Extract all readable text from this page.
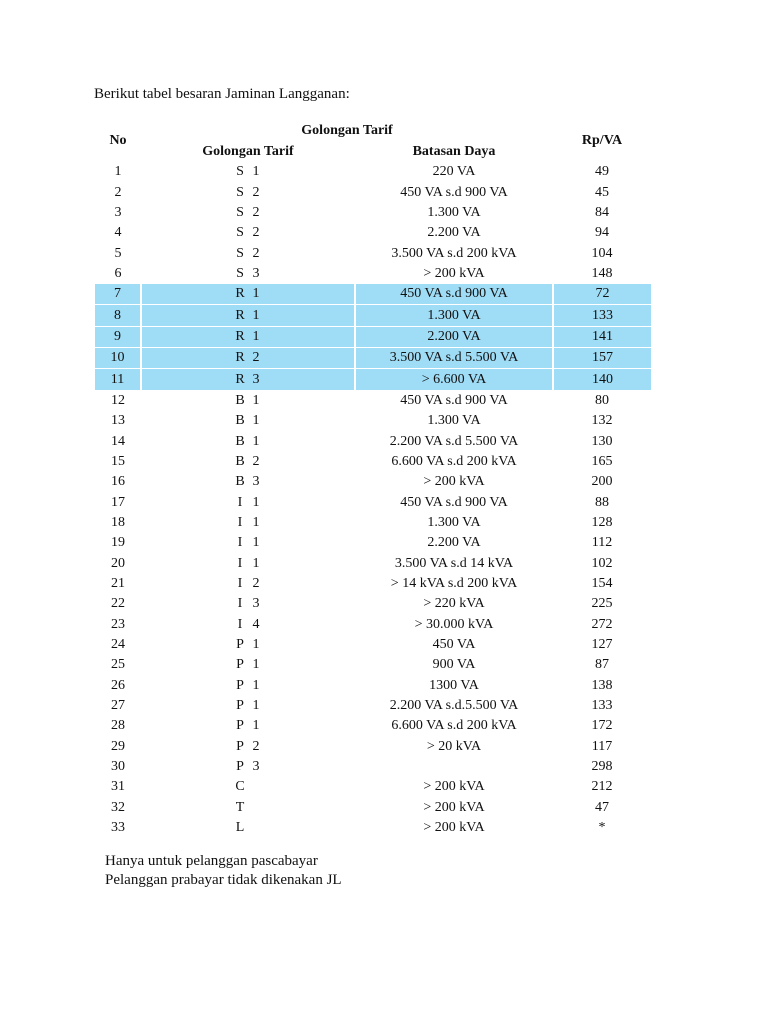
Berikut tabel besaran Jaminan Langganan:

No	Golongan Tarif		Rp/VA
	Golongan Tarif	Batasan Daya	
1	S 1	220 VA	49
2	S 2	450 VA s.d 900 VA	45
3	S 2	1.300 VA	84
4	S 2	2.200 VA	94
5	S 2	3.500 VA s.d 200 kVA	104
6	S 3	> 200 kVA	148
7	R 1	450 VA s.d 900 VA	72
8	R 1	1.300 VA	133
9	R 1	2.200 VA	141
10	R 2	3.500 VA s.d 5.500 VA	157
11	R 3	> 6.600 VA	140
12	B 1	450 VA s.d 900 VA	80
13	B 1	1.300 VA	132
14	B 1	2.200 VA s.d 5.500 VA	130
15	B 2	6.600 VA s.d 200 kVA	165
16	B 3	> 200 kVA	200
17	I 1	450 VA s.d 900 VA	88
18	I 1	1.300 VA	128
19	I 1	2.200 VA	112
20	I 1	3.500 VA s.d 14 kVA	102
21	I 2	> 14 kVA s.d 200 kVA	154
22	I 3	> 220 kVA	225
23	I 4	> 30.000 kVA	272
24	P 1	450 VA	127
25	P 1	900 VA	87
26	P 1	1300 VA	138
27	P 1	2.200 VA s.d.5.500 VA	133
28	P 1	6.600 VA s.d 200 kVA	172
29	P 2	> 20 kVA	117
30	P 3		298
31	C	> 200 kVA	212
32	T	> 200 kVA	47
33	L	> 200 kVA	*
Hanya untuk pelanggan pascabayar
Pelanggan prabayar tidak dikenakan JL
